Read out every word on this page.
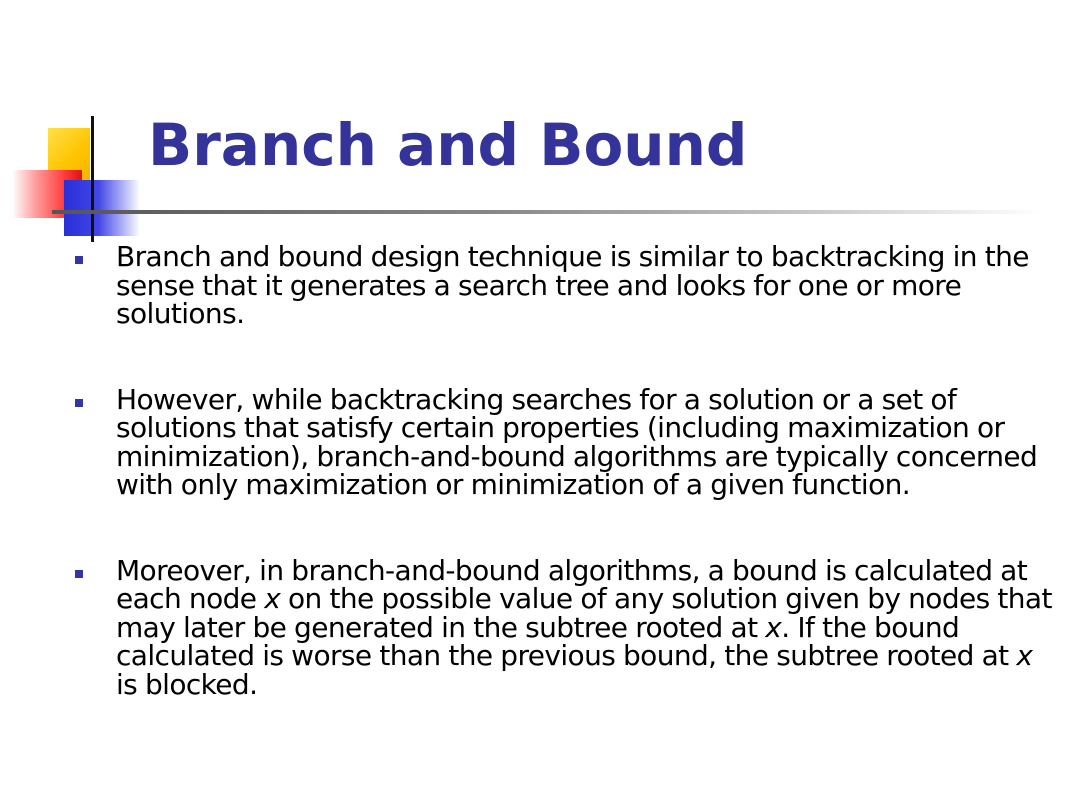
Branch and Bound
Branch and bound design technique is similar to backtracking in the sense that it generates a search tree and looks for one or more solutions.
However, while backtracking searches for a solution or a set of solutions that satisfy certain properties (including maximization or minimization), branch-and-bound algorithms are typically concerned with only maximization or minimization of a given function.
Moreover, in branch-and-bound algorithms, a bound is calculated at each node x on the possible value of any solution given by nodes that may later be generated in the subtree rooted at x. If the bound calculated is worse than the previous bound, the subtree rooted at x is blocked.
